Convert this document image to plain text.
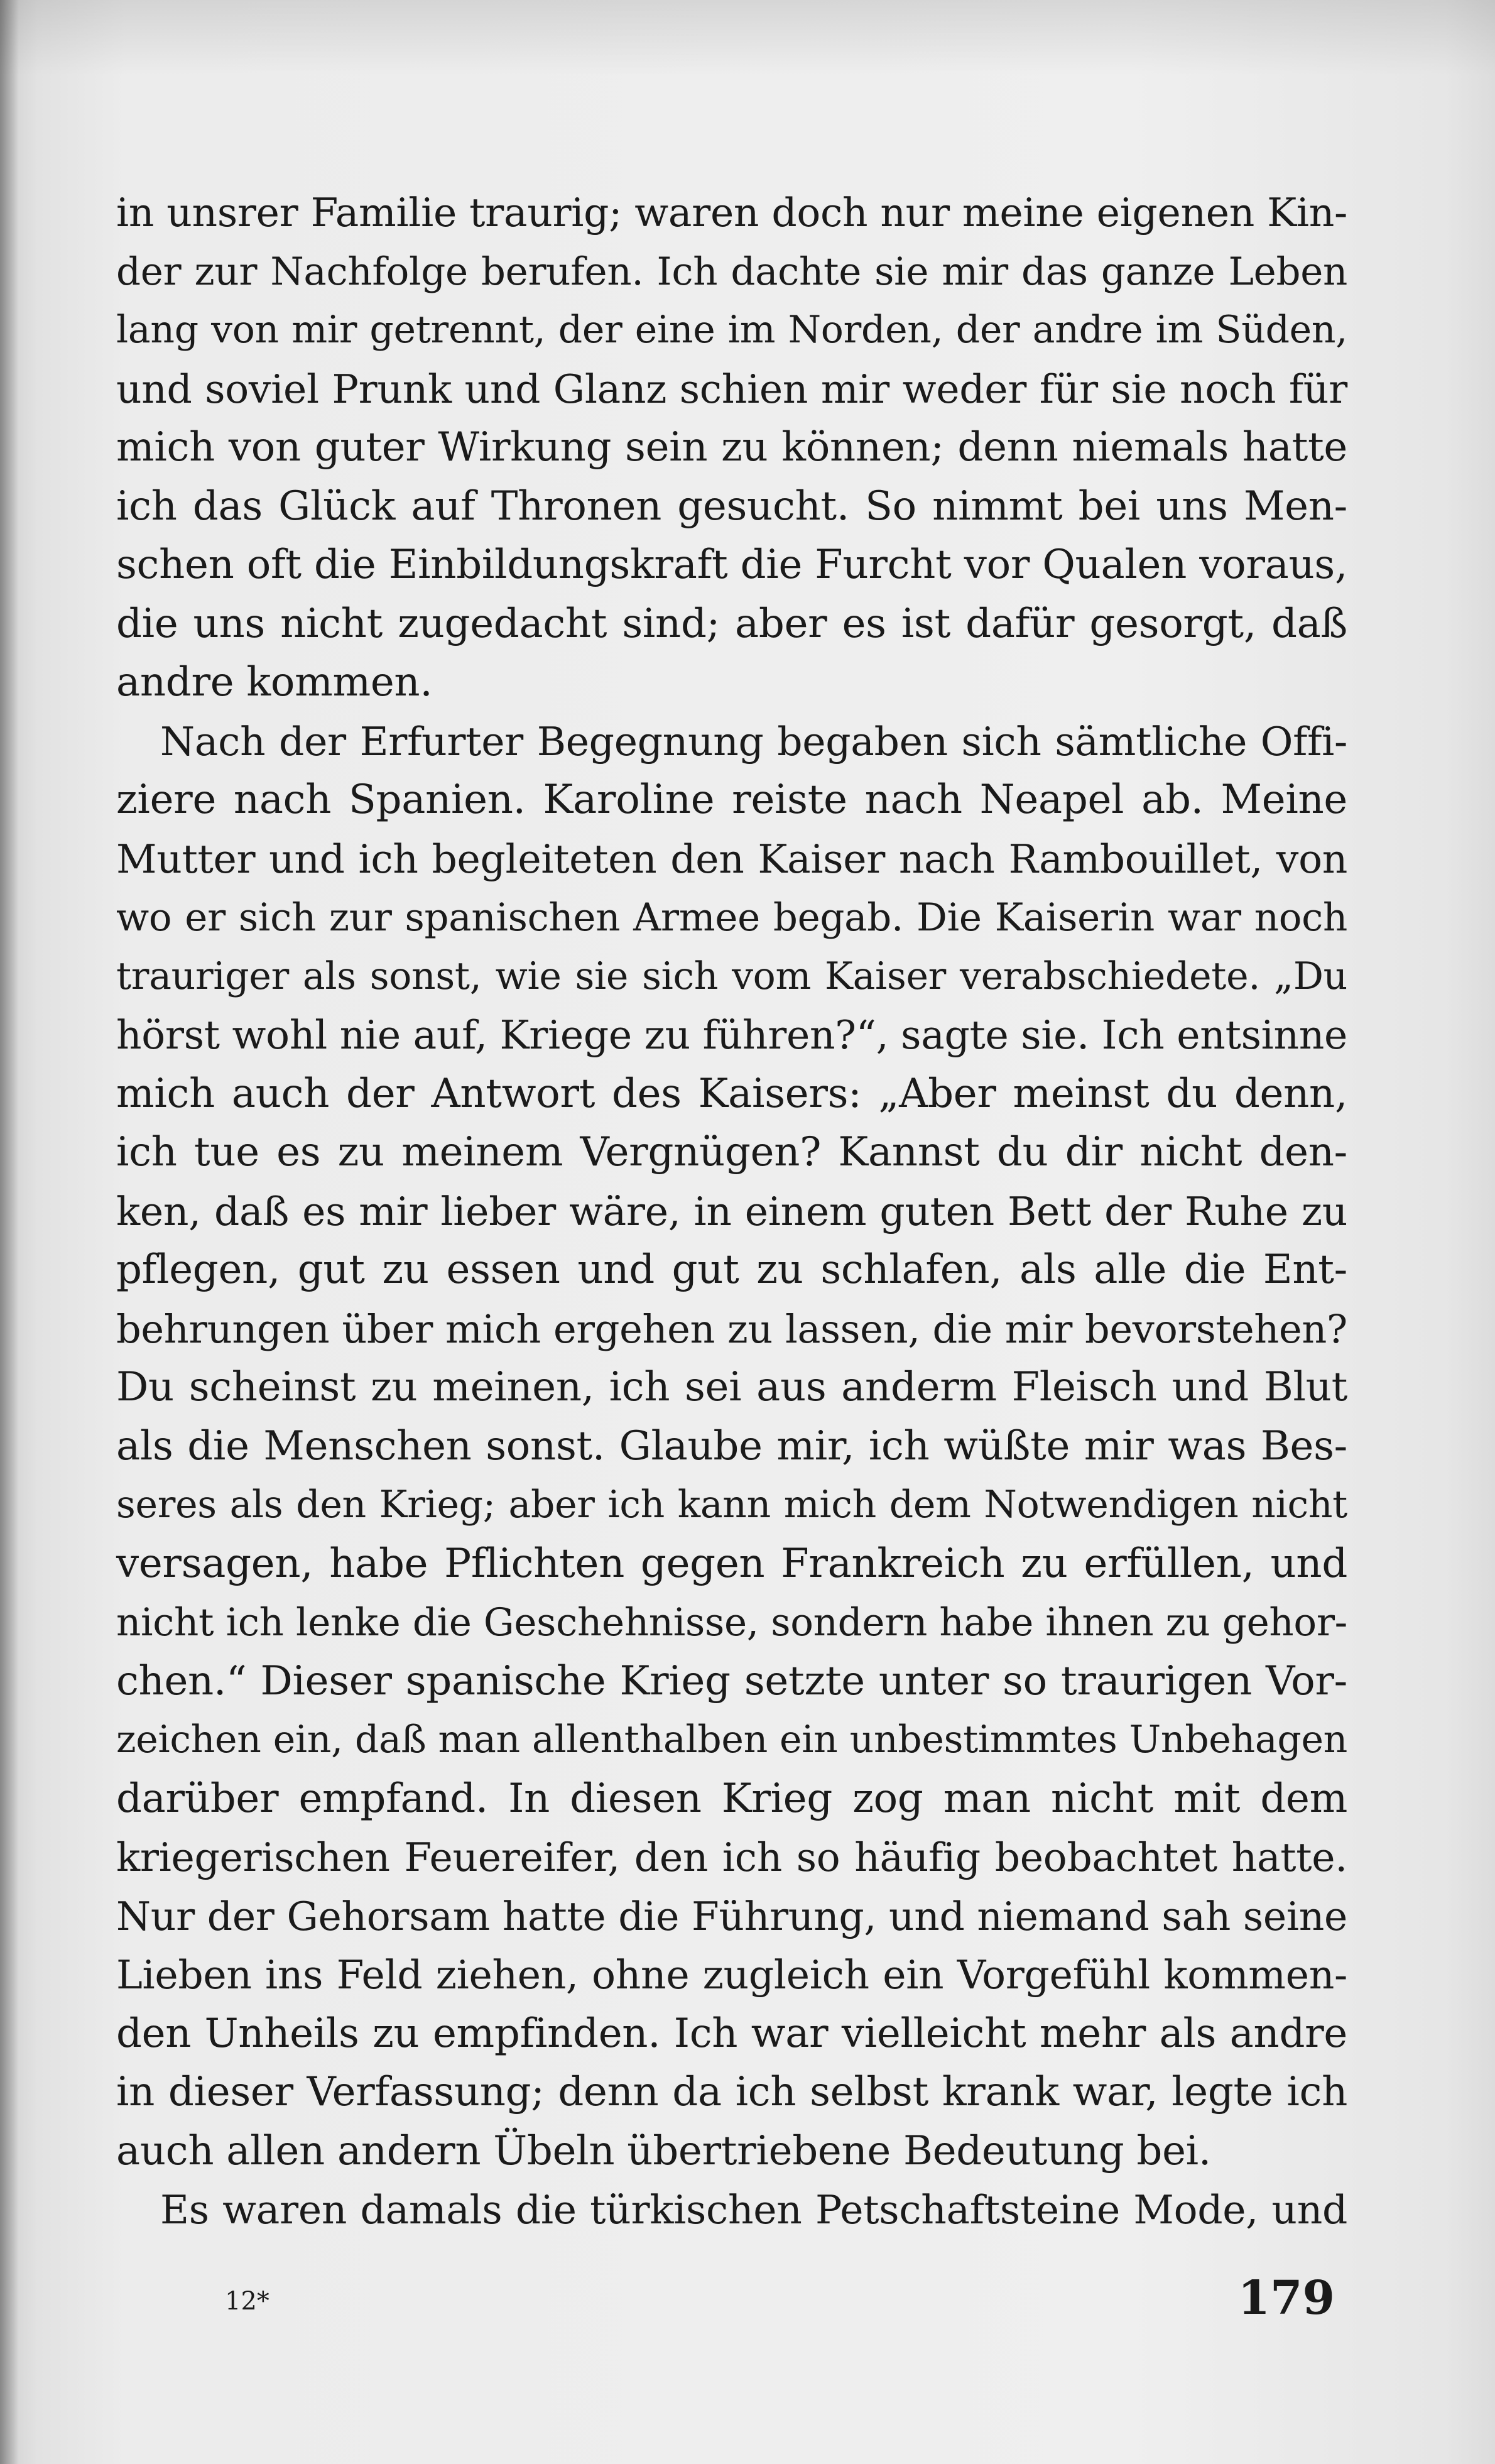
in unsrer Familie traurig; waren doch nur meine eigenen Kin-
der zur Nachfolge berufen. Ich dachte sie mir das ganze Leben
lang von mir getrennt, der eine im Norden, der andre im Süden,
und soviel Prunk und Glanz schien mir weder für sie noch für
mich von guter Wirkung sein zu können; denn niemals hatte
ich das Glück auf Thronen gesucht. So nimmt bei uns Men-
schen oft die Einbildungskraft die Furcht vor Qualen voraus,
die uns nicht zugedacht sind; aber es ist dafür gesorgt, daß
andre kommen.
Nach der Erfurter Begegnung begaben sich sämtliche Offi-
ziere nach Spanien. Karoline reiste nach Neapel ab. Meine
Mutter und ich begleiteten den Kaiser nach Rambouillet, von
wo er sich zur spanischen Armee begab. Die Kaiserin war noch
trauriger als sonst, wie sie sich vom Kaiser verabschiedete. „Du
hörst wohl nie auf, Kriege zu führen?“, sagte sie. Ich entsinne
mich auch der Antwort des Kaisers: „Aber meinst du denn,
ich tue es zu meinem Vergnügen? Kannst du dir nicht den-
ken, daß es mir lieber wäre, in einem guten Bett der Ruhe zu
pflegen, gut zu essen und gut zu schlafen, als alle die Ent-
behrungen über mich ergehen zu lassen, die mir bevorstehen?
Du scheinst zu meinen, ich sei aus anderm Fleisch und Blut
als die Menschen sonst. Glaube mir, ich wüßte mir was Bes-
seres als den Krieg; aber ich kann mich dem Notwendigen nicht
versagen, habe Pflichten gegen Frankreich zu erfüllen, und
nicht ich lenke die Geschehnisse, sondern habe ihnen zu gehor-
chen.“ Dieser spanische Krieg setzte unter so traurigen Vor-
zeichen ein, daß man allenthalben ein unbestimmtes Unbehagen
darüber empfand. In diesen Krieg zog man nicht mit dem
kriegerischen Feuereifer, den ich so häufig beobachtet hatte.
Nur der Gehorsam hatte die Führung, und niemand sah seine
Lieben ins Feld ziehen, ohne zugleich ein Vorgefühl kommen-
den Unheils zu empfinden. Ich war vielleicht mehr als andre
in dieser Verfassung; denn da ich selbst krank war, legte ich
auch allen andern Übeln übertriebene Bedeutung bei.
Es waren damals die türkischen Petschaftsteine Mode, und
12*	179
